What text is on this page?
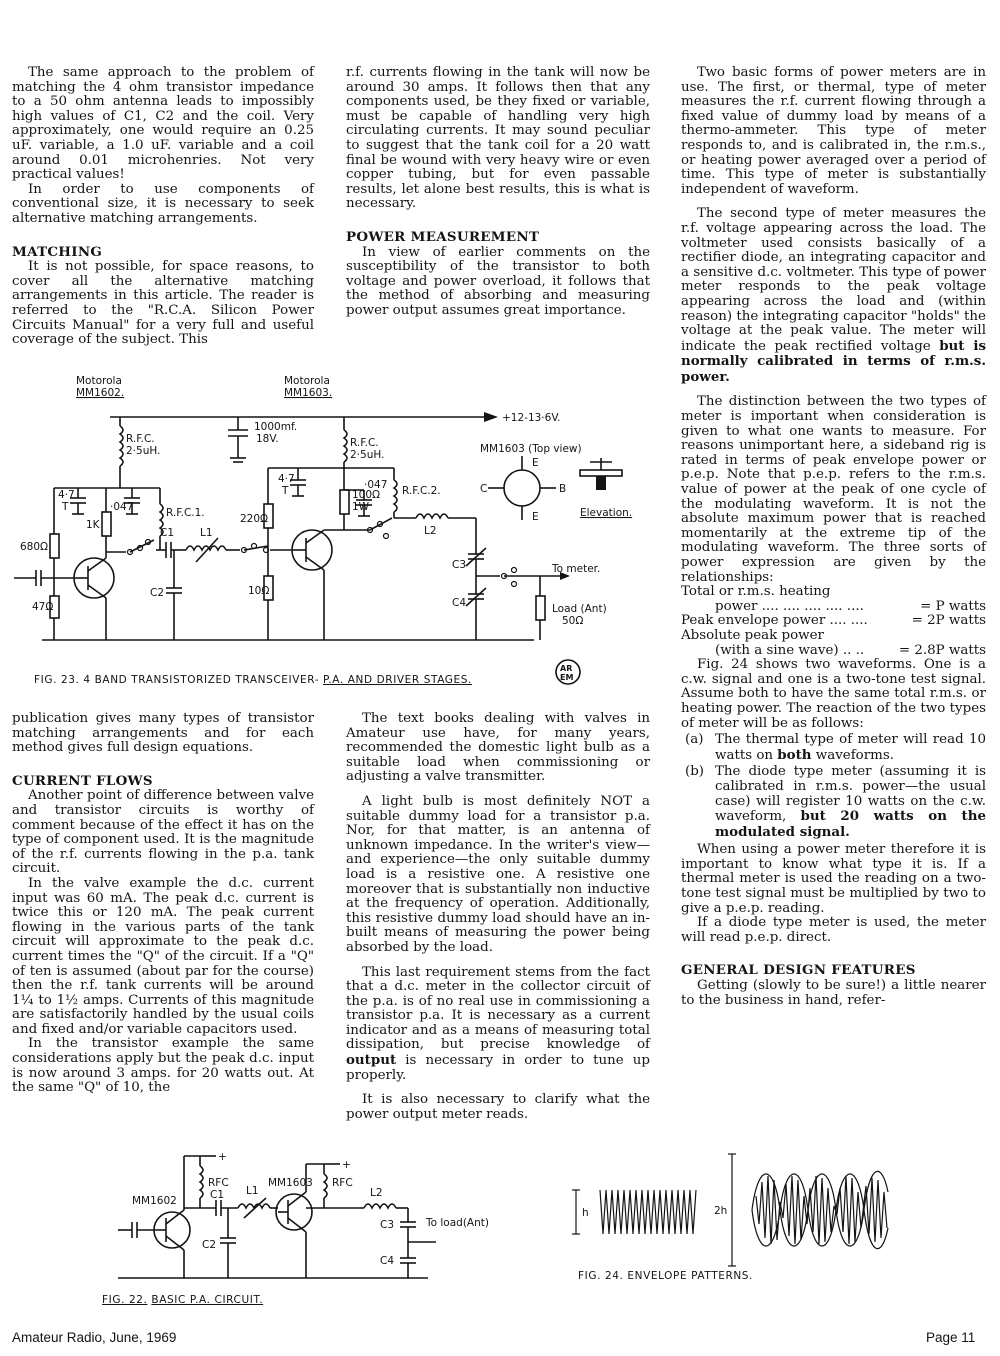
The same approach to the problem of matching the 4 ohm transistor impedance to a 50 ohm antenna leads to impossibly high values of C1, C2 and the coil. Very approximately, one would require an 0.25 uF. variable, a 1.0 uF. variable and a coil around 0.01 microhenries. Not very practical values!

In order to use components of conventional size, it is necessary to seek alternative matching arrangements.

MATCHING

It is not possible, for space reasons, to cover all the alternative matching arrangements in this article. The reader is referred to the "R.C.A. Silicon Power Circuits Manual" for a very full and useful coverage of the subject. This

r.f. currents flowing in the tank will now be around 30 amps. It follows then that any components used, be they fixed or variable, must be capable of handling very high circulating currents. It may sound peculiar to suggest that the tank coil for a 20 watt final be wound with very heavy wire or even copper tubing, but for even passable results, let alone best results, this is what is necessary.

POWER MEASUREMENT

In view of earlier comments on the susceptibility of the transistor to both voltage and power overload, it follows that the method of absorbing and measuring power output assumes great importance.

Two basic forms of power meters are in use. The first, or thermal, type of meter measures the r.f. current flowing through a fixed value of dummy load by means of a thermo-ammeter. This type of meter responds to, and is calibrated in, the r.m.s., or heating power averaged over a period of time. This type of meter is substantially independent of waveform.

The second type of meter measures the r.f. voltage appearing across the load. The voltmeter used consists basically of a rectifier diode, an integrating capacitor and a sensitive d.c. voltmeter. This type of power meter responds to the peak voltage appearing across the load and (within reason) the integrating capacitor "holds" the voltage at the peak value. The meter will indicate the peak rectified voltage but is normally calibrated in terms of r.m.s. power.

The distinction between the two types of meter is important when consideration is given to what one wants to measure. For reasons unimportant here, a sideband rig is rated in terms of peak envelope power or p.e.p. Note that p.e.p. refers to the r.m.s. value of power at the peak of one cycle of the modulating waveform. It is not the absolute maximum power that is reached momentarily at the extreme tip of the modulating waveform. The three sorts of power expression are given by the relationships:

Total or r.m.s. heating
power .... .... .... .... ....	= P watts
Peak envelope power .... ....	= 2P watts
Absolute peak power
(with a sine wave) .. ..	= 2.8P watts

Fig. 24 shows two waveforms. One is a c.w. signal and one is a two-tone test signal. Assume both to have the same total r.m.s. or heating power. The reaction of the two types of meter will be as follows:

(a) The thermal type of meter will read 10 watts on both waveforms.
(b) The diode type meter (assuming it is calibrated in r.m.s. power—the usual case) will register 10 watts on the c.w. waveform, but 20 watts on the modulated signal.

When using a power meter therefore it is important to know what type it is. If a thermal meter is used the reading on a two-tone test signal must be multiplied by two to give a p.e.p. reading.

If a diode type meter is used, the meter will read p.e.p. direct.

GENERAL DESIGN FEATURES

Getting (slowly to be sure!) a little nearer to the business in hand, refer-

Motorola
MM1602.
Motorola
MM1603.
+12-13·6V.
1000mf.
18V.
R.F.C.
2·5uH.
R.F.C.
2·5uH.
4·7
T	·047
1K
R.F.C.1.
C1 L1
680Ω
47Ω
C2
4·7
T
220Ω
10Ω
100Ω
1W
·047 R.F.C.2.
L2
C3
C4
To meter.
Load (Ant)
50Ω
MM1603 (Top view)
C	B
E
E	Elevation.
AR
EM
FIG. 23. 4 BAND TRANSISTORIZED TRANSCEIVER- P.A. AND DRIVER STAGES.

publication gives many types of transistor matching arrangements and for each method gives full design equations.

CURRENT FLOWS

Another point of difference between valve and transistor circuits is worthy of comment because of the effect it has on the type of component used. It is the magnitude of the r.f. currents flowing in the p.a. tank circuit.

In the valve example the d.c. current input was 60 mA. The peak d.c. current is twice this or 120 mA. The peak current flowing in the various parts of the tank circuit will approximate to the peak d.c. current times the "Q" of the circuit. If a "Q" of ten is assumed (about par for the course) then the r.f. tank currents will be around 1¼ to 1½ amps. Currents of this magnitude are satisfactorily handled by the usual coils and fixed and/or variable capacitors used.

In the transistor example the same considerations apply but the peak d.c. input is now around 3 amps. for 20 watts out. At the same "Q" of 10, the

The text books dealing with valves in Amateur use have, for many years, recommended the domestic light bulb as a suitable load when commissioning or adjusting a valve transmitter.

A light bulb is most definitely NOT a suitable dummy load for a transistor p.a. Nor, for that matter, is an antenna of unknown impedance. In the writer's view—and experience—the only suitable dummy load is a resistive one. A resistive one moreover that is substantially non inductive at the frequency of operation. Additionally, this resistive dummy load should have an in-built means of measuring the power being absorbed by the load.

This last requirement stems from the fact that a d.c. meter in the collector circuit of the p.a. is of no real use in commissioning a transistor p.a. It is necessary as a current indicator and as a means of measuring total dissipation, but precise knowledge of output is necessary in order to tune up properly.

It is also necessary to clarify what the power output meter reads.

MM1602
MM1603
RFC	RFC
C1 L1
C2
L2
C3
C4
To load(Ant)
+
+
FIG. 22. BASIC P.A. CIRCUIT.
h	2h
FIG. 24. ENVELOPE PATTERNS.
Amateur Radio, June, 1969	Page 11
